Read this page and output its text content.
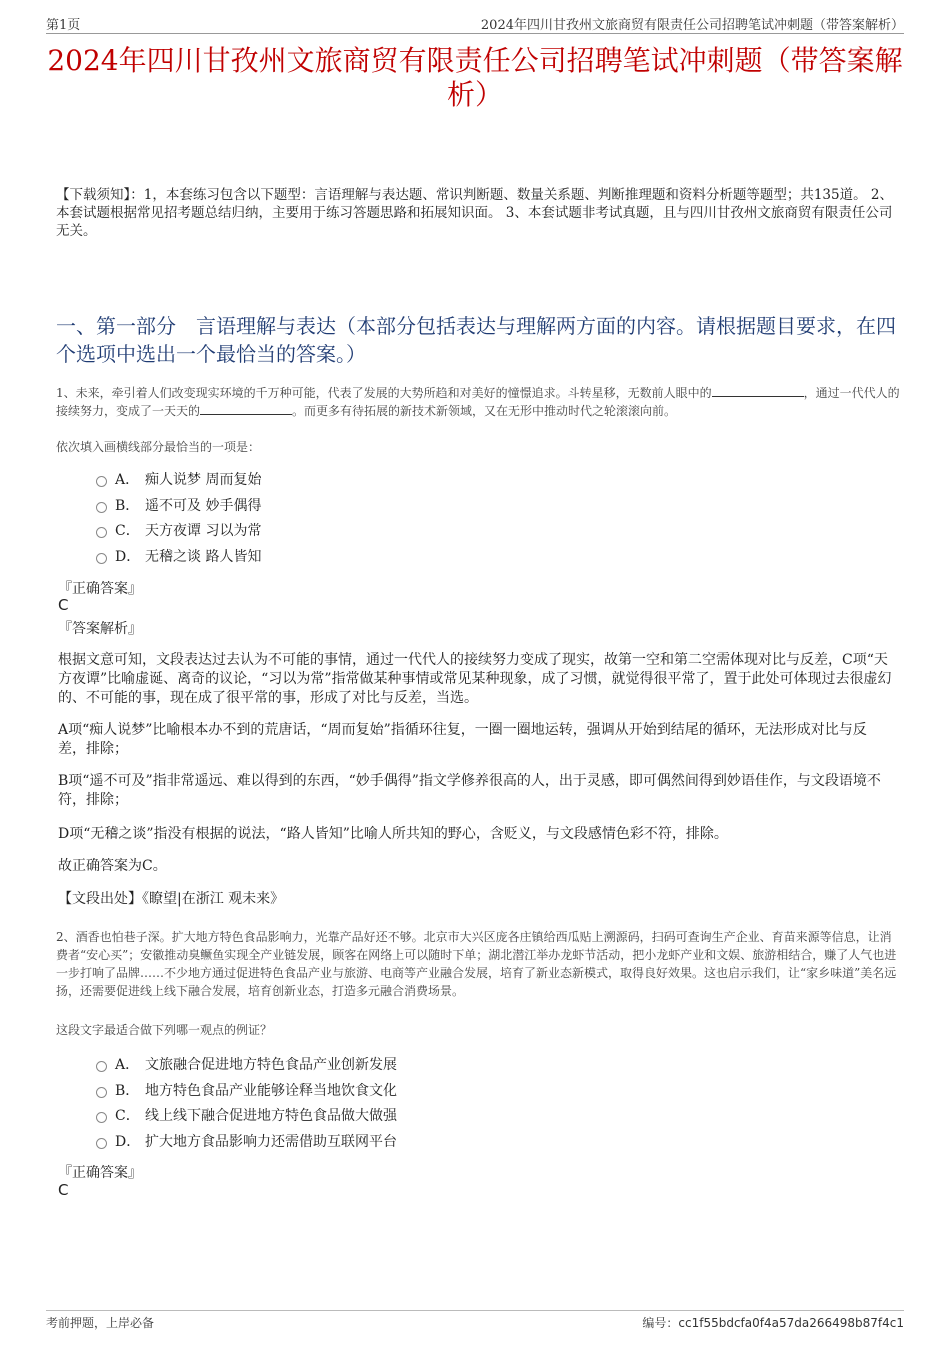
第1页	2024年四川甘孜州文旅商贸有限责任公司招聘笔试冲刺题（带答案解析）
2024年四川甘孜州文旅商贸有限责任公司招聘笔试冲刺题（带答案解析）
【下载须知】：1，本套练习包含以下题型：言语理解与表达题、常识判断题、数量关系题、判断推理题和资料分析题等题型；共135道。 2、本套试题根据常见招考题总结归纳，主要用于练习答题思路和拓展知识面。 3、本套试题非考试真题，且与四川甘孜州文旅商贸有限责任公司无关。
一、第一部分　言语理解与表达（本部分包括表达与理解两方面的内容。请根据题目要求，在四个选项中选出一个最恰当的答案。）
1、未来，牵引着人们改变现实环境的千万种可能，代表了发展的大势所趋和对美好的憧憬追求。斗转星移，无数前人眼中的	，通过一代代人的接续努力，变成了一天天的	。而更多有待拓展的新技术新领域，又在无形中推动时代之轮滚滚向前。
依次填入画横线部分最恰当的一项是：
A． 痴人说梦 周而复始
B． 遥不可及 妙手偶得
C． 天方夜谭 习以为常
D． 无稽之谈 路人皆知
『正确答案』
C
『答案解析』
根据文意可知，文段表达过去认为不可能的事情，通过一代代人的接续努力变成了现实，故第一空和第二空需体现对比与反差，C项“天方夜谭”比喻虚诞、离奇的议论，“习以为常”指常做某种事情或常见某种现象，成了习惯，就觉得很平常了，置于此处可体现过去很虚幻的、不可能的事，现在成了很平常的事，形成了对比与反差，当选。
A项“痴人说梦”比喻根本办不到的荒唐话，“周而复始”指循环往复，一圈一圈地运转，强调从开始到结尾的循环，无法形成对比与反差，排除；
B项“遥不可及”指非常遥远、难以得到的东西，“妙手偶得”指文学修养很高的人，出于灵感，即可偶然间得到妙语佳作，与文段语境不符，排除；
D项“无稽之谈”指没有根据的说法，“路人皆知”比喻人所共知的野心，含贬义，与文段感情色彩不符，排除。
故正确答案为C。
【文段出处】《瞭望|在浙江 观未来》
2、酒香也怕巷子深。扩大地方特色食品影响力，光靠产品好还不够。北京市大兴区庞各庄镇给西瓜贴上溯源码，扫码可查询生产企业、育苗来源等信息，让消费者“安心买”；安徽推动臭鳜鱼实现全产业链发展，顾客在网络上可以随时下单；湖北潜江举办龙虾节活动，把小龙虾产业和文娱、旅游相结合，赚了人气也进一步打响了品牌……不少地方通过促进特色食品产业与旅游、电商等产业融合发展，培育了新业态新模式，取得良好效果。这也启示我们，让“家乡味道”美名远扬，还需要促进线上线下融合发展，培育创新业态，打造多元融合消费场景。
这段文字最适合做下列哪一观点的例证？
A． 文旅融合促进地方特色食品产业创新发展
B． 地方特色食品产业能够诠释当地饮食文化
C． 线上线下融合促进地方特色食品做大做强
D． 扩大地方食品影响力还需借助互联网平台
『正确答案』
C
考前押题，上岸必备	编号：cc1f55bdcfa0f4a57da266498b87f4c1
